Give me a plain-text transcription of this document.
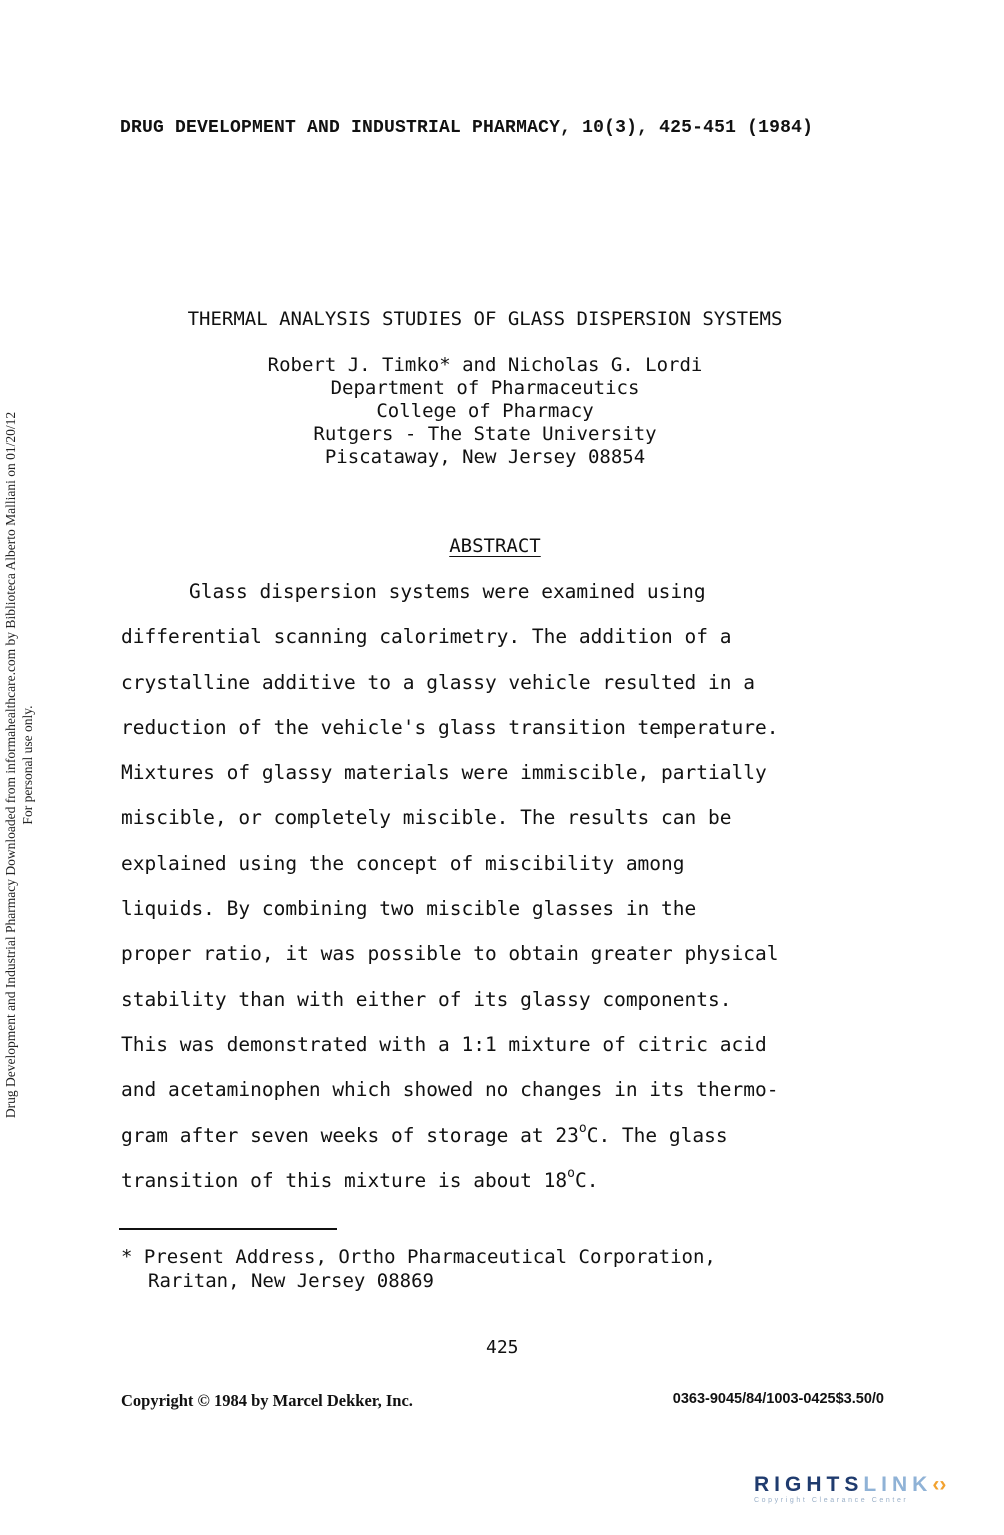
DRUG DEVELOPMENT AND INDUSTRIAL PHARMACY, 10(3), 425-451 (1984)
Drug Development and Industrial Pharmacy Downloaded from informahealthcare.com by Biblioteca Alberto Malliani on 01/20/12 For personal use only.
THERMAL ANALYSIS STUDIES OF GLASS DISPERSION SYSTEMS
Robert J. Timko* and Nicholas G. Lordi
Department of Pharmaceutics
College of Pharmacy
Rutgers - The State University
Piscataway, New Jersey 08854
ABSTRACT
Glass dispersion systems were examined using
differential scanning calorimetry. The addition of a
crystalline additive to a glassy vehicle resulted in a
reduction of the vehicle's glass transition temperature.
Mixtures of glassy materials were immiscible, partially
miscible, or completely miscible. The results can be
explained using the concept of miscibility among
liquids. By combining two miscible glasses in the
proper ratio, it was possible to obtain greater physical
stability than with either of its glassy components.
This was demonstrated with a 1:1 mixture of citric acid
and acetaminophen which showed no changes in its thermo-
gram after seven weeks of storage at 23$^o$C. The glass
transition of this mixture is about 18$^o$C.
* Present Address, Ortho Pharmaceutical Corporation,
Raritan, New Jersey 08869
425
Copyright © 1984 by Marcel Dekker, Inc.	0363-9045/84/1003-0425$3.50/0
RIGHTSLINK‹›
Copyright Clearance Center
